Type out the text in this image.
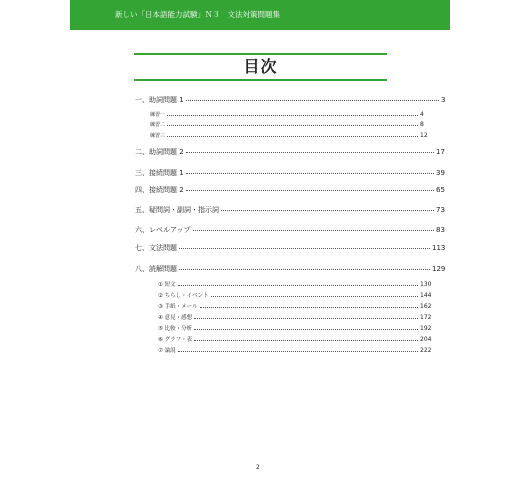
新しい「日本語能力試験」Ｎ３　文法対策問題集
目次
一、助詞問題 1	3
練習一	4
練習二	8
練習三	12
二、助詞問題 2	17
三、接続問題 1	39
四、接続問題 2	65
五、疑問詞・副詞・指示詞	73
六、レベルアップ	83
七、文法問題	113
八、読解問題	129
① 短文	130
② ちらし・イベント	144
③ 手紙・メール	162
④ 意見・感想	172
⑤ 比較・分析	192
⑥ グラフ・表	204
⑦ 論説	222
2
